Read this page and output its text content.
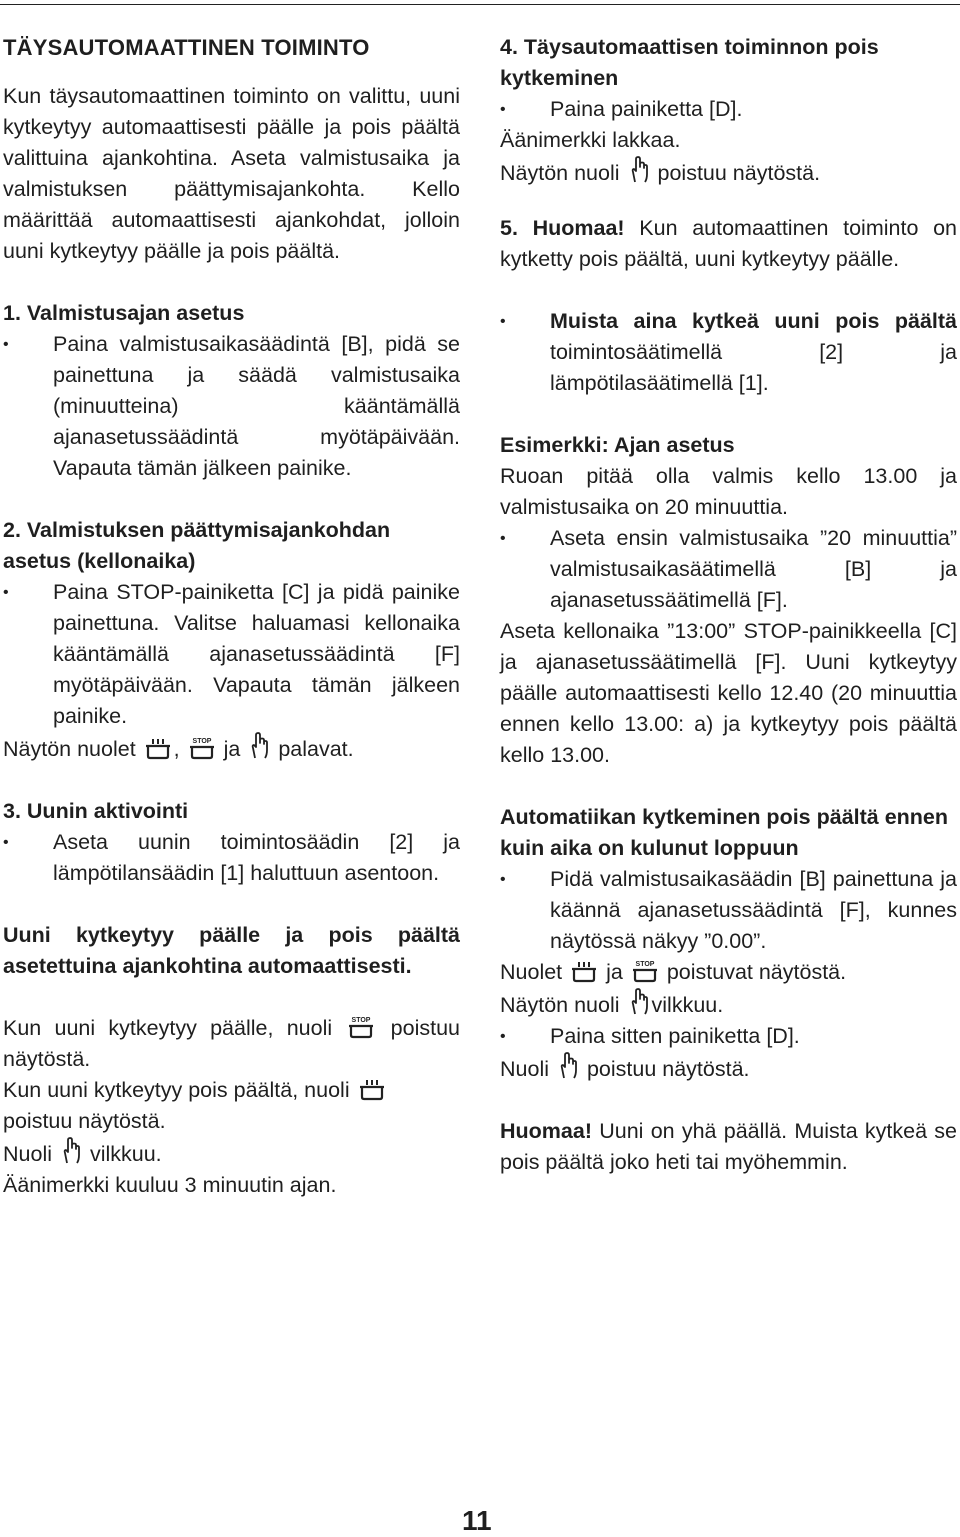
TÄYSAUTOMAATTINEN TOIMINTO

Kun täysautomaattinen toiminto on valittu, uuni kytkeytyy automaattisesti päälle ja pois päältä valittuina ajankohtina. Aseta valmistusaika ja valmistuksen päättymisajankohta. Kello määrittää automaattisesti ajankohdat, jolloin uuni kytkeytyy päälle ja pois päältä.

1. Valmistusajan asetus

• Paina valmistusaikasäädintä [B], pidä se painettuna ja säädä valmistusaika (minuutteina) kääntämällä ajanasetussäädintä myötäpäivään. Vapauta tämän jälkeen painike.

2. Valmistuksen päättymisajankohdan asetus (kellonaika)

• Paina STOP-painiketta [C] ja pidä painike painettuna. Valitse haluamasi kellonaika kääntämällä ajanasetussäädintä [F] myötäpäivään. Vapauta tämän jälkeen painike.

Näytön nuolet , STOP ja palavat.

3. Uunin aktivointi

• Aseta uunin toimintosäädin [2] ja lämpötilansäädin [1] haluttuun asentoon.

Uuni kytkeytyy päälle ja pois päältä asetettuina ajankohtina automaattisesti.

Kun uuni kytkeytyy päälle, nuoli	STOP poistuu näytöstä.

Kun uuni kytkeytyy pois päältä, nuoli
poistuu näytöstä.

Nuoli vilkkuu.

Äänimerkki kuuluu 3 minuutin ajan.

4. Täysautomaattisen toiminnon pois kytkeminen

• Paina painiketta [D].

Äänimerkki lakkaa.

Näytön nuoli poistuu näytöstä.

5. Huomaa! Kun automaattinen toiminto on kytketty pois päältä, uuni kytkeytyy päälle.

• Muista aina kytkeä uuni pois päältä toimintosäätimellä [2] ja lämpötilasäätimellä [1].

Esimerkki: Ajan asetus

Ruoan pitää olla valmis kello 13.00 ja valmistusaika on 20 minuuttia.

• Aseta ensin valmistusaika ”20 minuuttia” valmistusaikasäätimellä [B] ja ajanasetussäätimellä [F].

Aseta kellonaika ”13:00” STOP-painikkeella [C] ja ajanasetussäätimellä [F]. Uuni kytkeytyy päälle automaattisesti kello 12.40 (20 minuuttia ennen kello 13.00: a) ja kytkeytyy pois päältä kello 13.00.

Automatiikan kytkeminen pois päältä ennen kuin aika on kulunut loppuun

• Pidä valmistusaikasäädin [B] painettuna ja käännä ajanasetussäädintä [F], kunnes näytössä näkyy ”0.00”.

Nuolet ja STOP poistuvat näytöstä.

Näytön nuoli vilkkuu.

• Paina sitten painiketta [D].

Nuoli poistuu näytöstä.

Huomaa! Uuni on yhä päällä. Muista kytkeä se pois päältä joko heti tai myöhemmin.

11
